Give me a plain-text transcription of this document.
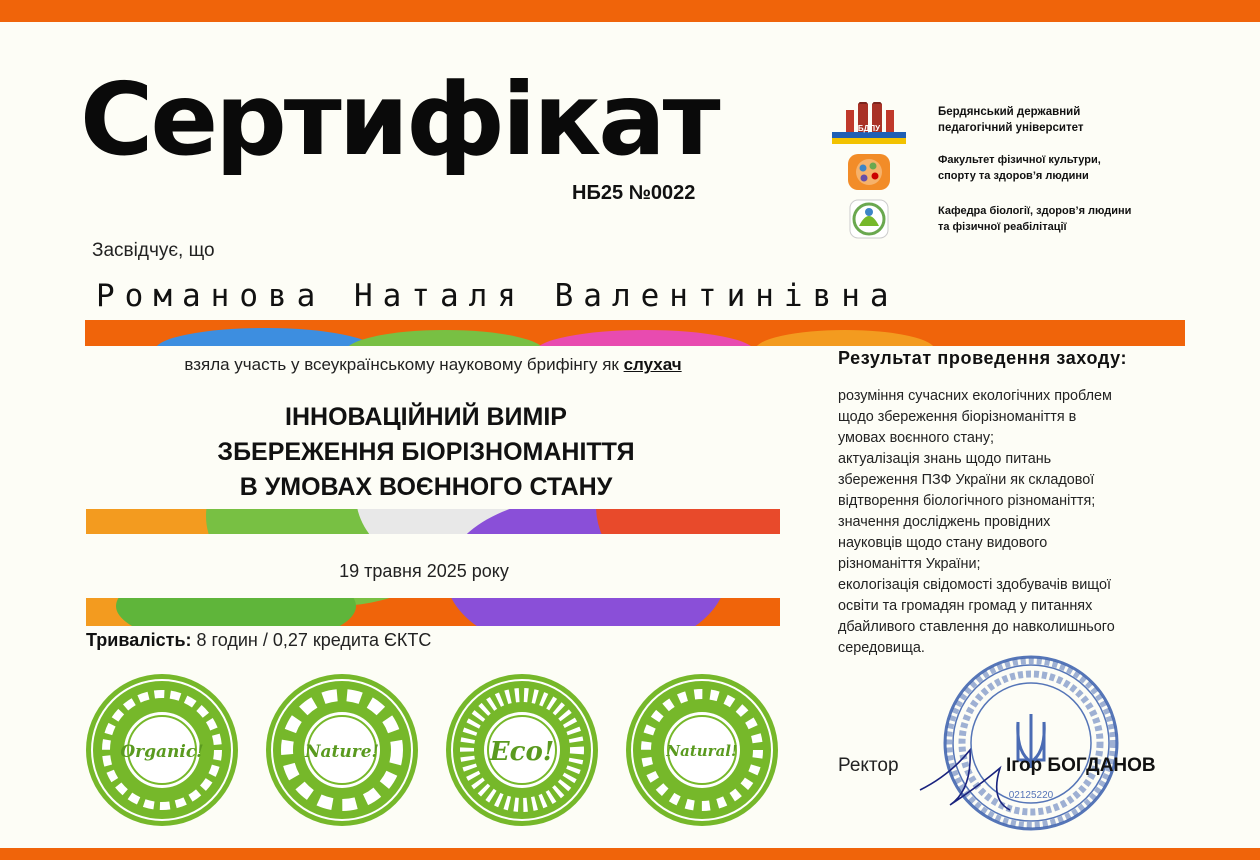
Сертифікат
НБ25 №0022
БДПУ
Бердянський державний
педагогічний університет
Факультет фізичної культури,
спорту та здоров’я людини
Кафедра біології, здоров’я людини
та фізичної реабілітації
Засвідчує, що
Романова Наталя Валентинівна
взяла участь у всеукраїнському науковому брифінгу як слухач
ІННОВАЦІЙНИЙ ВИМІР
ЗБЕРЕЖЕННЯ БІОРІЗНОМАНІТТЯ
В УМОВАХ ВОЄННОГО СТАНУ
19 травня 2025 року
Тривалість: 8 годин / 0,27 кредита ЄКТС
Результат проведення заходу:
розуміння сучасних екологічних проблем
щодо збереження біорізноманіття в
умовах воєнного стану;
актуалізація знань щодо питань
збереження ПЗФ України як складової
відтворення біологічного різноманіття;
значення досліджень провідних
науковців щодо стану видового
різноманіття України;
екологізація свідомості здобувачів вищої
освіти та громадян громад у питаннях
дбайливого ставлення до навколишнього
середовища.
Organic!	Nature!	Eco!	Natural!
02125220
Ректор	Ігор БОГДАНОВ
